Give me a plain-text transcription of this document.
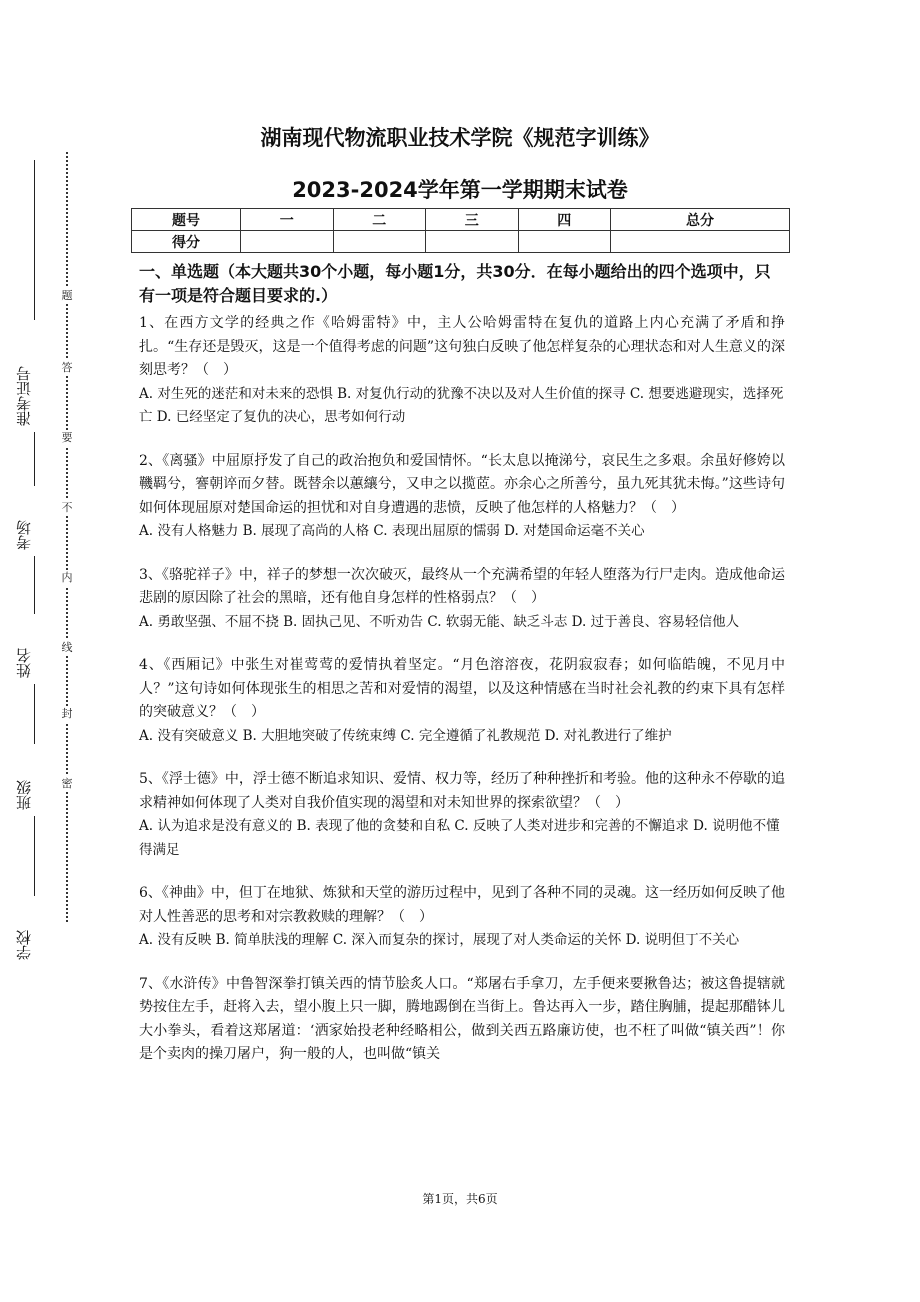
题
答
要
不
内
线
封
密
准考证号
考场
姓名
班级
学校
湖南现代物流职业技术学院《规范字训练》
2023-2024学年第一学期期末试卷
题号	一	二	三	四	总分
得分					
一、单选题（本大题共30个小题，每小题1分，共30分．在每小题给出的四个选项中，只有一项是符合题目要求的.）

1、在西方文学的经典之作《哈姆雷特》中，主人公哈姆雷特在复仇的道路上内心充满了矛盾和挣扎。“生存还是毁灭，这是一个值得考虑的问题”这句独白反映了他怎样复杂的心理状态和对人生意义的深刻思考？（　）

A. 对生死的迷茫和对未来的恐惧 B. 对复仇行动的犹豫不决以及对人生价值的探寻 C. 想要逃避现实，选择死亡 D. 已经坚定了复仇的决心，思考如何行动

2、《离骚》中屈原抒发了自己的政治抱负和爱国情怀。“长太息以掩涕兮，哀民生之多艰。余虽好修姱以鞿羁兮，謇朝谇而夕替。既替余以蕙纕兮，又申之以揽茝。亦余心之所善兮，虽九死其犹未悔。”这些诗句如何体现屈原对楚国命运的担忧和对自身遭遇的悲愤，反映了他怎样的人格魅力？（　）

A. 没有人格魅力 B. 展现了高尚的人格 C. 表现出屈原的懦弱 D. 对楚国命运毫不关心

3、《骆驼祥子》中，祥子的梦想一次次破灭，最终从一个充满希望的年轻人堕落为行尸走肉。造成他命运悲剧的原因除了社会的黑暗，还有他自身怎样的性格弱点？（　）

A. 勇敢坚强、不屈不挠 B. 固执己见、不听劝告 C. 软弱无能、缺乏斗志 D. 过于善良、容易轻信他人

4、《西厢记》中张生对崔莺莺的爱情执着坚定。“月色溶溶夜，花阴寂寂春；如何临皓魄，不见月中人？”这句诗如何体现张生的相思之苦和对爱情的渴望，以及这种情感在当时社会礼教的约束下具有怎样的突破意义？（　）

A. 没有突破意义 B. 大胆地突破了传统束缚 C. 完全遵循了礼教规范 D. 对礼教进行了维护

5、《浮士德》中，浮士德不断追求知识、爱情、权力等，经历了种种挫折和考验。他的这种永不停歇的追求精神如何体现了人类对自我价值实现的渴望和对未知世界的探索欲望？（　）

A. 认为追求是没有意义的 B. 表现了他的贪婪和自私 C. 反映了人类对进步和完善的不懈追求 D. 说明他不懂得满足

6、《神曲》中，但丁在地狱、炼狱和天堂的游历过程中，见到了各种不同的灵魂。这一经历如何反映了他对人性善恶的思考和对宗教救赎的理解？（　）

A. 没有反映 B. 简单肤浅的理解 C. 深入而复杂的探讨，展现了对人类命运的关怀 D. 说明但丁不关心

7、《水浒传》中鲁智深拳打镇关西的情节脍炙人口。“郑屠右手拿刀，左手便来要揪鲁达；被这鲁提辖就势按住左手，赶将入去，望小腹上只一脚，腾地踢倒在当街上。鲁达再入一步，踏住胸脯，提起那醋钵儿大小拳头，看着这郑屠道：‘洒家始投老种经略相公，做到关西五路廉访使，也不枉了叫做“镇关西”！你是个卖肉的操刀屠户，狗一般的人，也叫做“镇关

第1页，共6页
